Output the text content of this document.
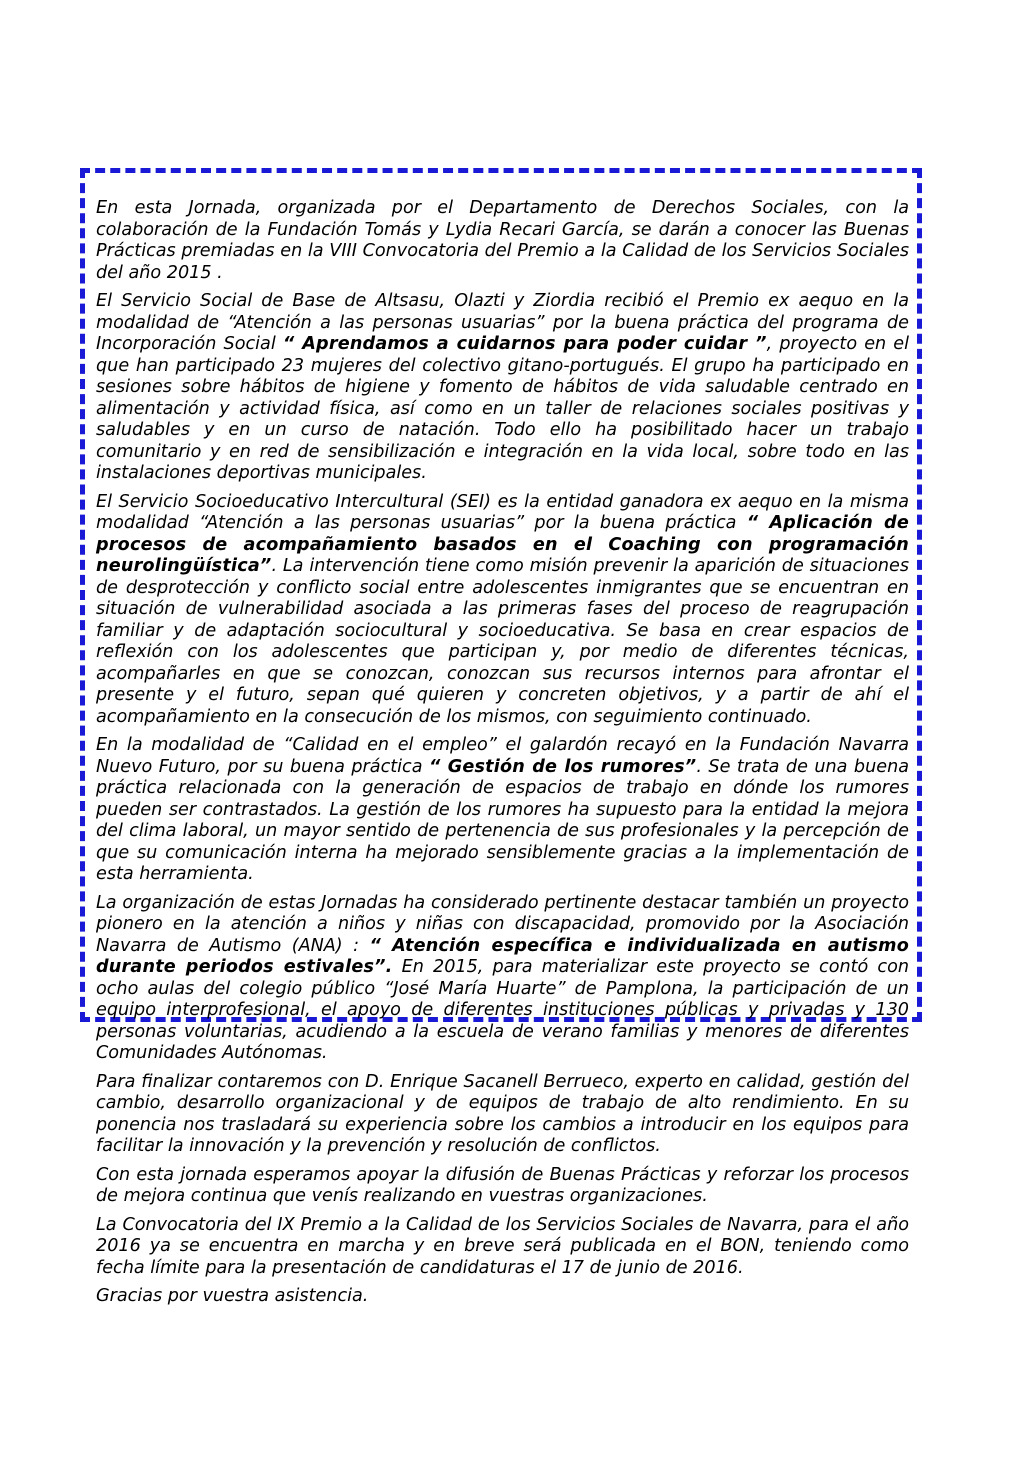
En esta Jornada, organizada por el Departamento de Derechos Sociales, con la colaboración de la Fundación Tomás y Lydia Recari García, se darán a conocer las Buenas Prácticas premiadas en la VIII Convocatoria del Premio a la Calidad de los Servicios Sociales del año 2015 .

El Servicio Social de Base de Altsasu, Olazti y Ziordia recibió el Premio ex aequo en la modalidad de “Atención a las personas usuarias” por la buena práctica del programa de Incorporación Social “ Aprendamos a cuidarnos para poder cuidar ”, proyecto en el que han participado 23 mujeres del colectivo gitano-portugués. El grupo ha participado en sesiones sobre hábitos de higiene y fomento de hábitos de vida saludable centrado en alimentación y actividad física, así como en un taller de relaciones sociales positivas y saludables y en un curso de natación. Todo ello ha posibilitado hacer un trabajo comunitario y en red de sensibilización e integración en la vida local, sobre todo en las instalaciones deportivas municipales.

El Servicio Socioeducativo Intercultural (SEI) es la entidad ganadora ex aequo en la misma modalidad “Atención a las personas usuarias” por la buena práctica “ Aplicación de procesos de acompañamiento basados en el Coaching con programación neurolingüística”. La intervención tiene como misión prevenir la aparición de situaciones de desprotección y conflicto social entre adolescentes inmigrantes que se encuentran en situación de vulnerabilidad asociada a las primeras fases del proceso de reagrupación familiar y de adaptación sociocultural y socioeducativa. Se basa en crear espacios de reflexión con los adolescentes que participan y, por medio de diferentes técnicas, acompañarles en que se conozcan, conozcan sus recursos internos para afrontar el presente y el futuro, sepan qué quieren y concreten objetivos, y a partir de ahí el acompañamiento en la consecución de los mismos, con seguimiento continuado.

En la modalidad de “Calidad en el empleo” el galardón recayó en la Fundación Navarra Nuevo Futuro, por su buena práctica “ Gestión de los rumores”. Se trata de una buena práctica relacionada con la generación de espacios de trabajo en dónde los rumores pueden ser contrastados. La gestión de los rumores ha supuesto para la entidad la mejora del clima laboral, un mayor sentido de pertenencia de sus profesionales y la percepción de que su comunicación interna ha mejorado sensiblemente gracias a la implementación de esta herramienta.

La organización de estas Jornadas ha considerado pertinente destacar también un proyecto pionero en la atención a niños y niñas con discapacidad, promovido por la Asociación Navarra de Autismo (ANA) : “ Atención específica e individualizada en autismo durante periodos estivales”. En 2015, para materializar este proyecto se contó con ocho aulas del colegio público “José María Huarte” de Pamplona, la participación de un equipo interprofesional, el apoyo de diferentes instituciones públicas y privadas y 130 personas voluntarias, acudiendo a la escuela de verano familias y menores de diferentes Comunidades Autónomas.

Para finalizar contaremos con D. Enrique Sacanell Berrueco, experto en calidad, gestión del cambio, desarrollo organizacional y de equipos de trabajo de alto rendimiento. En su ponencia nos trasladará su experiencia sobre los cambios a introducir en los equipos para facilitar la innovación y la prevención y resolución de conflictos.

Con esta jornada esperamos apoyar la difusión de Buenas Prácticas y reforzar los procesos de mejora continua que venís realizando en vuestras organizaciones.

La Convocatoria del IX Premio a la Calidad de los Servicios Sociales de Navarra, para el año 2016 ya se encuentra en marcha y en breve será publicada en el BON, teniendo como fecha límite para la presentación de candidaturas el 17 de junio de 2016.

Gracias por vuestra asistencia.
